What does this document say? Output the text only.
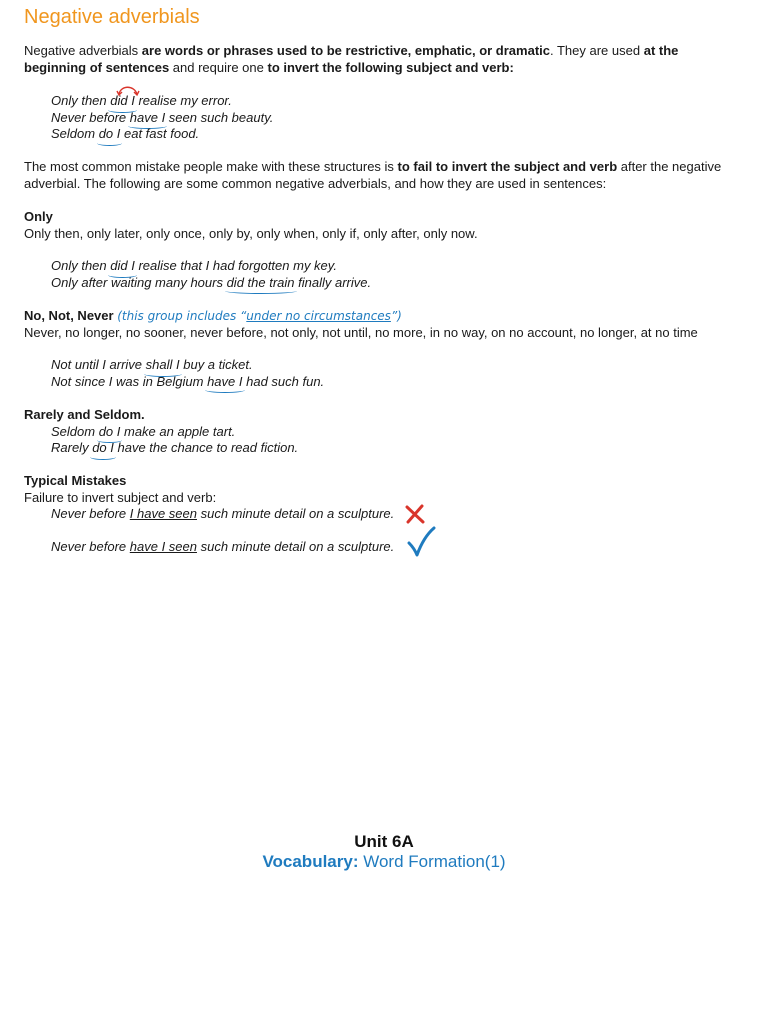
Negative adverbials

Negative adverbials are words or phrases used to be restrictive, emphatic, or dramatic. They are used at the beginning of sentences and require one to invert the following subject and verb:

Only then did I realise my error.
Never before have I seen such beauty.
Seldom do I eat fast food.

The most common mistake people make with these structures is to fail to invert the subject and verb after the negative adverbial. The following are some common negative adverbials, and how they are used in sentences:

Only
Only then, only later, only once, only by, only when, only if, only after, only now.
Only then did I realise that I had forgotten my key.
Only after waiting many hours did the train finally arrive.
No, Not, Never (this group includes “under no circumstances”)
Never, no longer, no sooner, never before, not only, not until, no more, in no way, on no account, no longer, at no time
Not until I arrive shall I buy a ticket.
Not since I was in Belgium have I had such fun.
Rarely and Seldom.
Seldom do I make an apple tart.
Rarely do I have the chance to read fiction.
Typical Mistakes
Failure to invert subject and verb:
Never before I have seen such minute detail on a sculpture.
Never before have I seen such minute detail on a sculpture.
Unit 6A
Vocabulary: Word Formation(1)
